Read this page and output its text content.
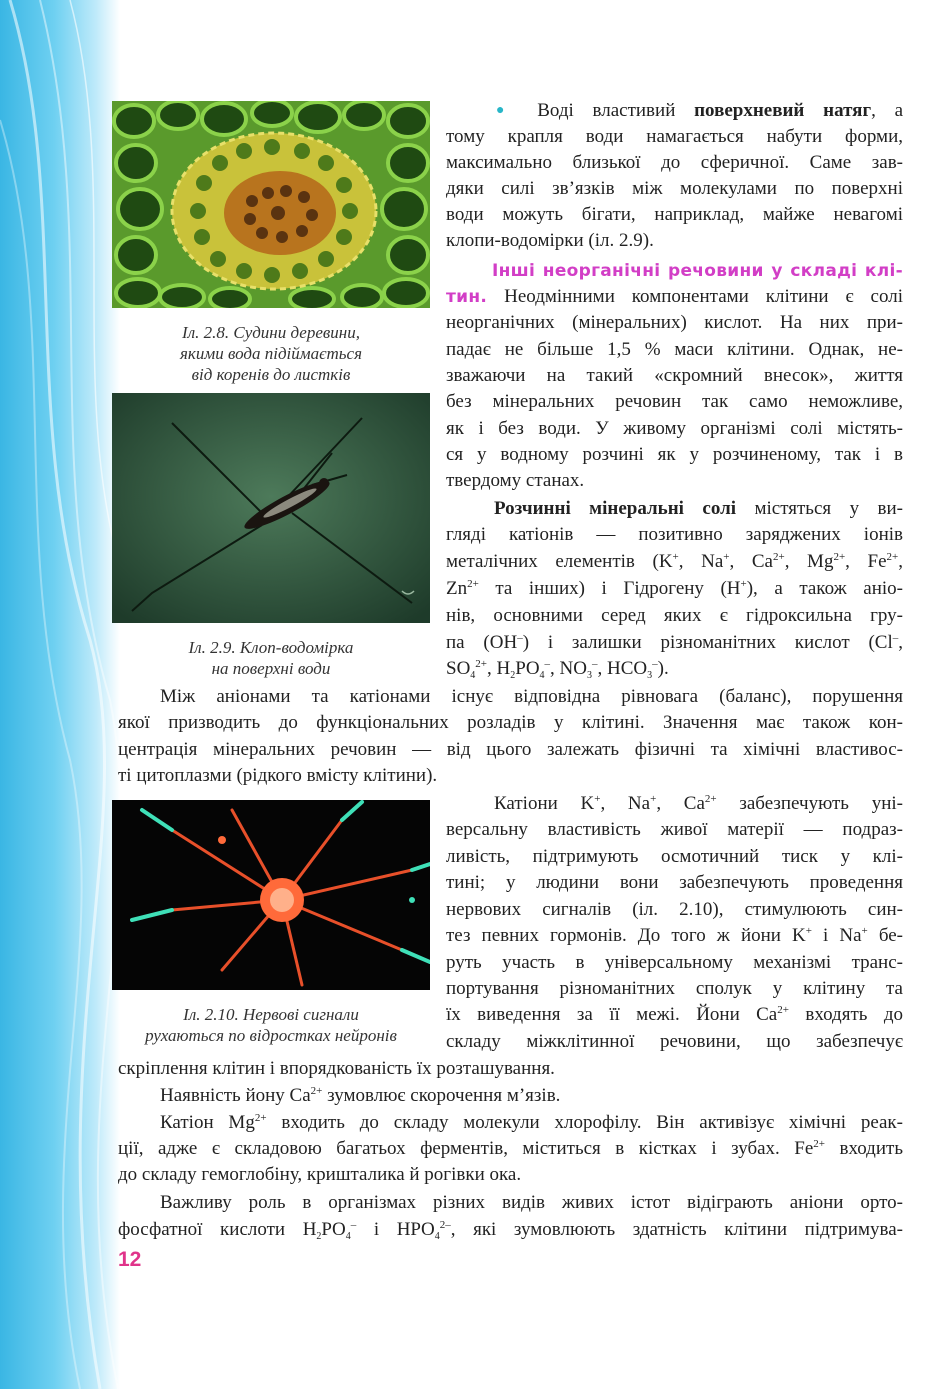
Іл. 2.8. Судини деревини,
якими вода підіймається
від коренів до листків
Іл. 2.9. Клоп-водомірка
на поверхні води
Іл. 2.10. Нервові сигнали
рухаються по відростках нейронів
● Воді властивий поверхневий натяг, а
тому крапля води намагається набути форми,
максимально близької до сферичної. Саме зав-
дяки силі зв’язків між молекулами по поверхні
води можуть бігати, наприклад, майже невагомі
клопи-водомірки (іл. 2.9).
Інші неорганічні речовини у складі клі-
тин. Неодмінними компонентами клітини є солі
неорганічних (мінеральних) кислот. На них при-
падає не більше 1,5 % маси клітини. Однак, не-
зважаючи на такий «скромний внесок», життя
без мінеральних речовин так само неможливе,
як і без води. У живому організмі солі містять-
ся у водному розчині як у розчиненому, так і в
твердому станах.
Розчинні мінеральні солі містяться у ви-
гляді катіонів — позитивно заряджених іонів
металічних елементів (K+, Na+, $Ca^{2+}$, $Mg^{2+}$, $Fe^{2+}$,
$Zn^{2+}$ та інших) і Гідрогену (H+), а також аніо-
нів, основними серед яких є гідроксильна гру-
па (OH–) і залишки різноманітних кислот (Cl–,
$SO_4^{2+}$, $H_2PO_4^-$, $NO_3^-$, $HCO_3^-$).
Між аніонами та катіонами існує відповідна рівновага (баланс), порушення
якої призводить до функціональних розладів у клітині. Значення має також кон-
центрація мінеральних речовин — від цього залежать фізичні та хімічні властивос-
ті цитоплазми (рідкого вмісту клітини).
Катіони K+, Na+, $Ca^{2+}$ забезпечують уні-
версальну властивість живої матерії — подраз-
ливість, підтримують осмотичний тиск у клі-
тині; у людини вони забезпечують проведення
нервових сигналів (іл. 2.10), стимулюють син-
тез певних гормонів. До того ж йони K+ і Na+ бе-
руть участь в універсальному механізмі транс-
портування різноманітних сполук у клітину та
їх виведення за її межі. Йони $Ca^{2+}$ входять до
складу міжклітинної речовини, що забезпечує
скріплення клітин і впорядкованість їх розташування.
Наявність йону $Ca^{2+}$ зумовлює скорочення м’язів.
Катіон $Mg^{2+}$ входить до складу молекули хлорофілу. Він активізує хімічні реак-
ції, адже є складовою багатьох ферментів, міститься в кістках і зубах. $Fe^{2+}$ входить
до складу гемоглобіну, кришталика й рогівки ока.
Важливу роль в організмах різних видів живих істот відіграють аніони орто-
фосфатної кислоти $H_2PO_4^-$ і $HPO_4^{2-}$, які зумовлюють здатність клітини підтримува-
12
